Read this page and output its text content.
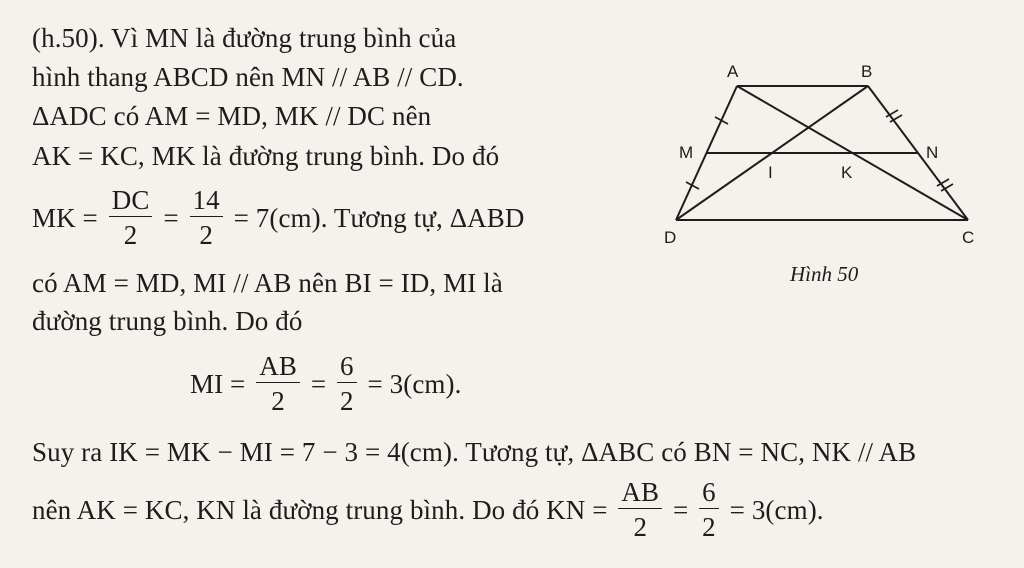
(h.50). Vì MN là đường trung bình của
hình thang ABCD nên MN // AB // CD.
ΔADC có AM = MD, MK // DC nên
AK = KC, MK là đường trung bình. Do đó
MK = $\frac{DC}{2} = \frac{14}{2} = 7(cm)$. Tương tự, ΔABD
có AM = MD, MI // AB nên BI = ID, MI là
đường trung bình. Do đó
MI = $\frac{AB}{2} = \frac{6}{2} = 3(cm)$.
Suy ra IK = MK − MI = 7 − 3 = 4(cm). Tương tự, ΔABC có BN = NC, NK // AB
nên AK = KC, KN là đường trung bình. Do đó KN = $\frac{AB}{2} = \frac{6}{2} = 3(cm)$.
A	B
C
D
M	N
I	K
Hình 50
